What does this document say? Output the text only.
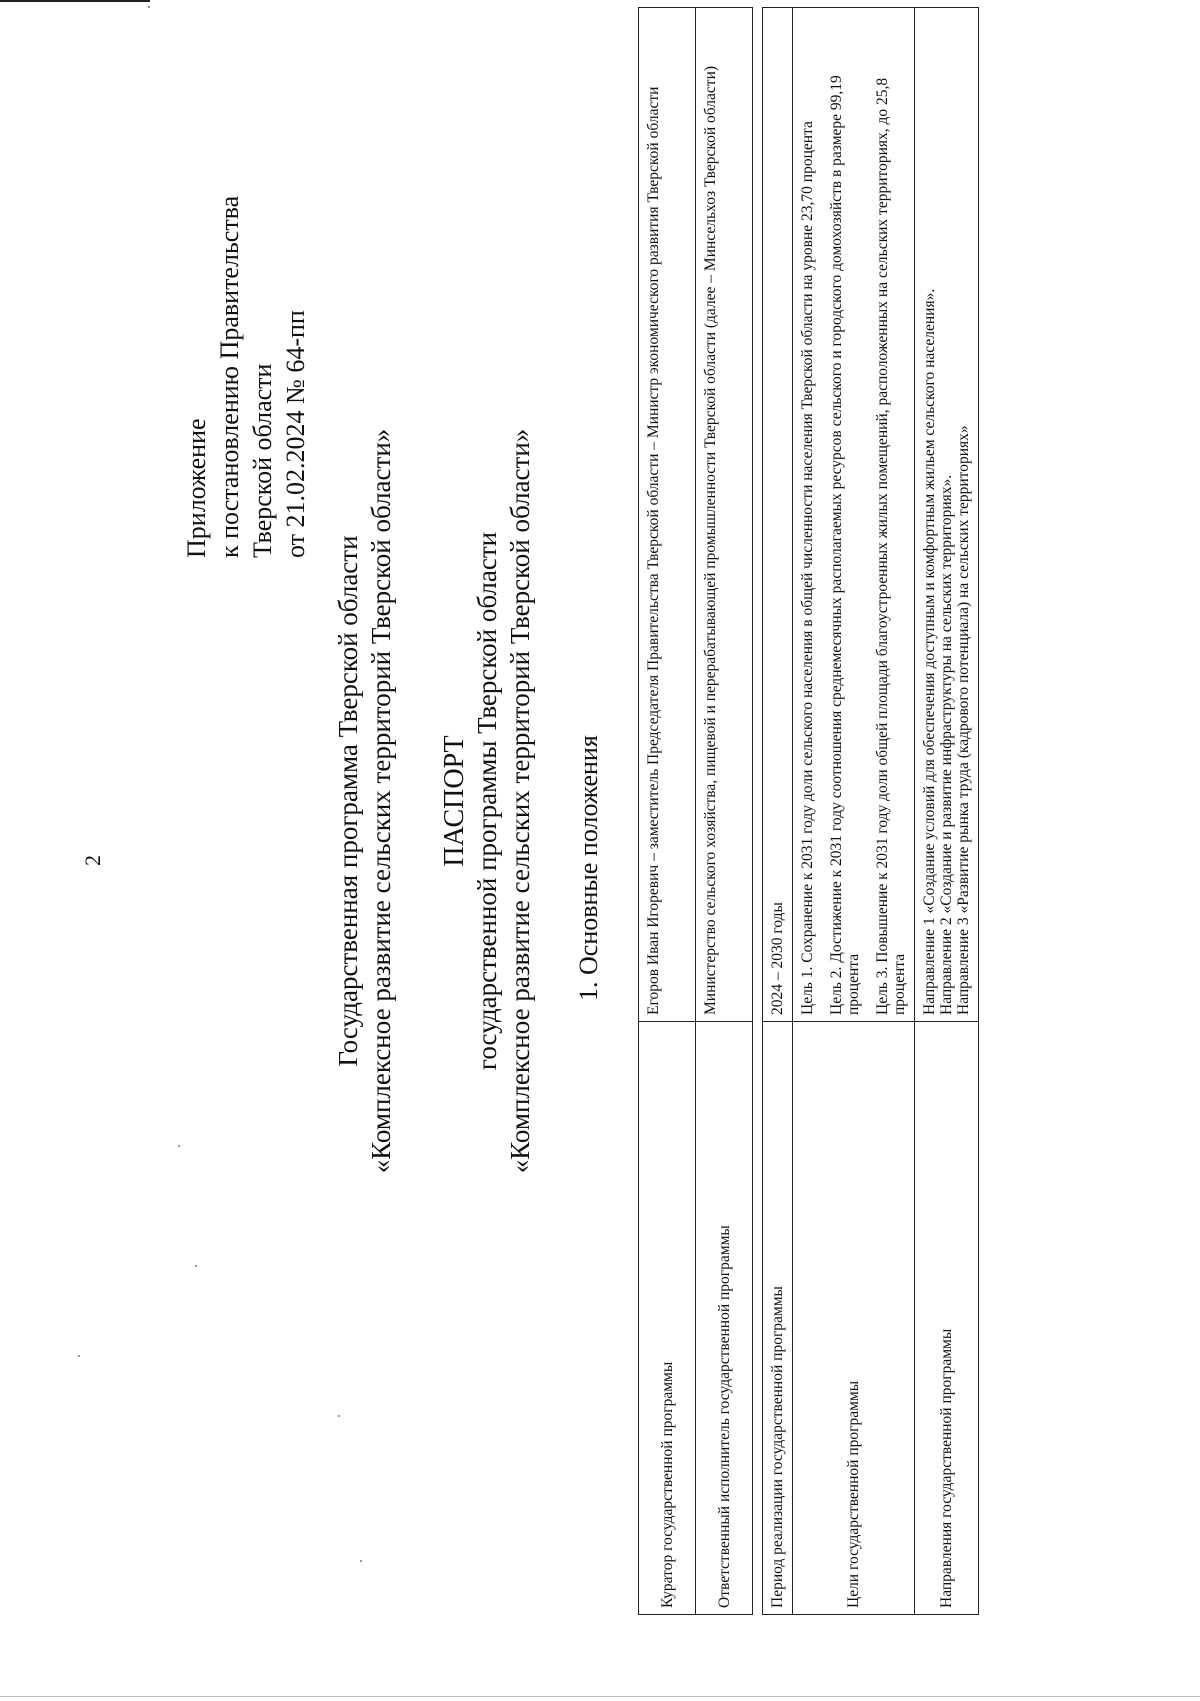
2
Приложение к постановлению Правительства Тверской области от 21.02.2024 № 64-пп
Государственная программа Тверской области «Комплексное развитие сельских территорий Тверской области» ПАСПОРТ государственной программы Тверской области «Комплексное развитие сельских территорий Тверской области» 1. Основные положения
Куратор государственной программы	Егоров Иван Игоревич – заместитель Председателя Правительства Тверской области – Министр экономического развития Тверской области
Ответственный исполнитель государственной программы	Министерство сельского хозяйства, пищевой и перерабатывающей промышленности Тверской области (далее – Минсельхоз Тверской области)
Период реализации государственной программы	2024 – 2030 годы
Цели государственной программы	Цель 1. Сохранение к 2031 году доли сельского населения в общей численности населения Тверской области на уровне 23,70 процента Цель 2. Достижение к 2031 году соотношения среднемесячных располагаемых ресурсов сельского и городского домохозяйств в размере 99,19 процента Цель 3. Повышение к 2031 году доли общей площади благоустроенных жилых помещений, расположенных на сельских территориях, до 25,8 процента

Направления государственной программы	Направление 1 «Создание условий для обеспечения доступным и комфортным жильем сельского населения». Направление 2 «Создание и развитие инфраструктуры на сельских территориях». Направление 3 «Развитие рынка труда (кадрового потенциала) на сельских территориях»
